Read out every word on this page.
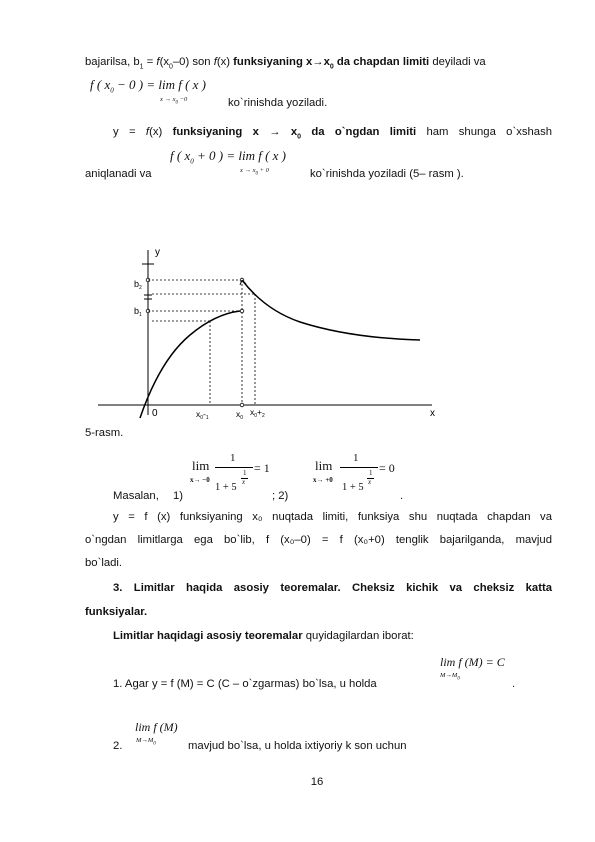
bajarilsa, $b_1 = f(x_0-0)$ son f(x) funksiyaning $x\to x_0$ da chapdan limiti deyiladi va
f ( $x_0 - 0$ ) = lim f ( x )
$x \to x_0 -0$	ko`rinishda yoziladi.
y = f(x) funksiyaning $x \to x_0$ da o`ngdan limiti ham shunga o`xshash
f ( $x_0 + 0$ ) = lim f ( x )
$x \to x_0 + 0$
aniqlanadi va	ko`rinishda yoziladi (5– rasm ).
y
x
0
$b_2$
$b_1$
$x_0-_1$	$x_0$
$x_0+_2$
5-rasm.
Masalan, 1)	; 2)	.
lim
x→ −0
1
1 + 5
1
x
= 1	lim
x→ +0
1
1 + 5
1
x
= 0
y = f (x) funksiyaning x₀ nuqtada limiti, funksiya shu nuqtada chapdan va
o`ngdan limitlarga ega bo`lib, f (x₀–0) = f (x₀+0) tenglik bajarilganda, mavjud
bo`ladi.
3. Limitlar haqida asosiy teoremalar. Cheksiz kichik va cheksiz katta
funksiyalar.
Limitlar haqidagi asosiy teoremalar quyidagilardan iborat:
lim f (M) = C
$M\to M_0$
1. Agar y = f (M) = C (C – o`zgarmas) bo`lsa, u holda	.
lim f (M)
$M\to M_0$
2.	mavjud bo`lsa, u holda ixtiyoriy k son uchun
16
